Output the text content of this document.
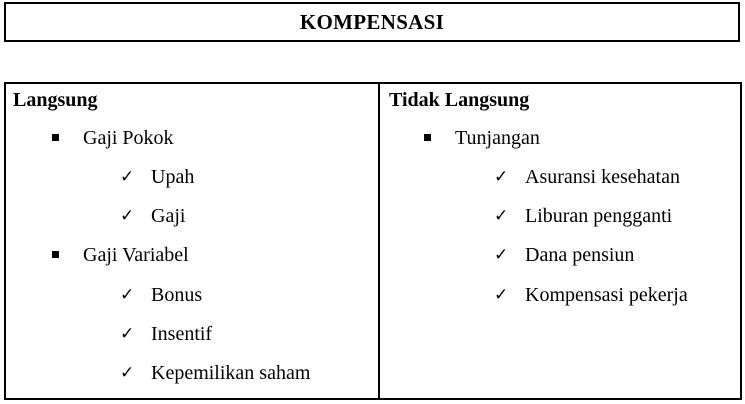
KOMPENSASI
Langsung
Gaji Pokok
✓ Upah
✓ Gaji
Gaji Variabel
✓ Bonus
✓ Insentif
✓ Kepemilikan saham
Tidak Langsung
Tunjangan
✓ Asuransi kesehatan
✓ Liburan pengganti
✓ Dana pensiun
✓ Kompensasi pekerja
